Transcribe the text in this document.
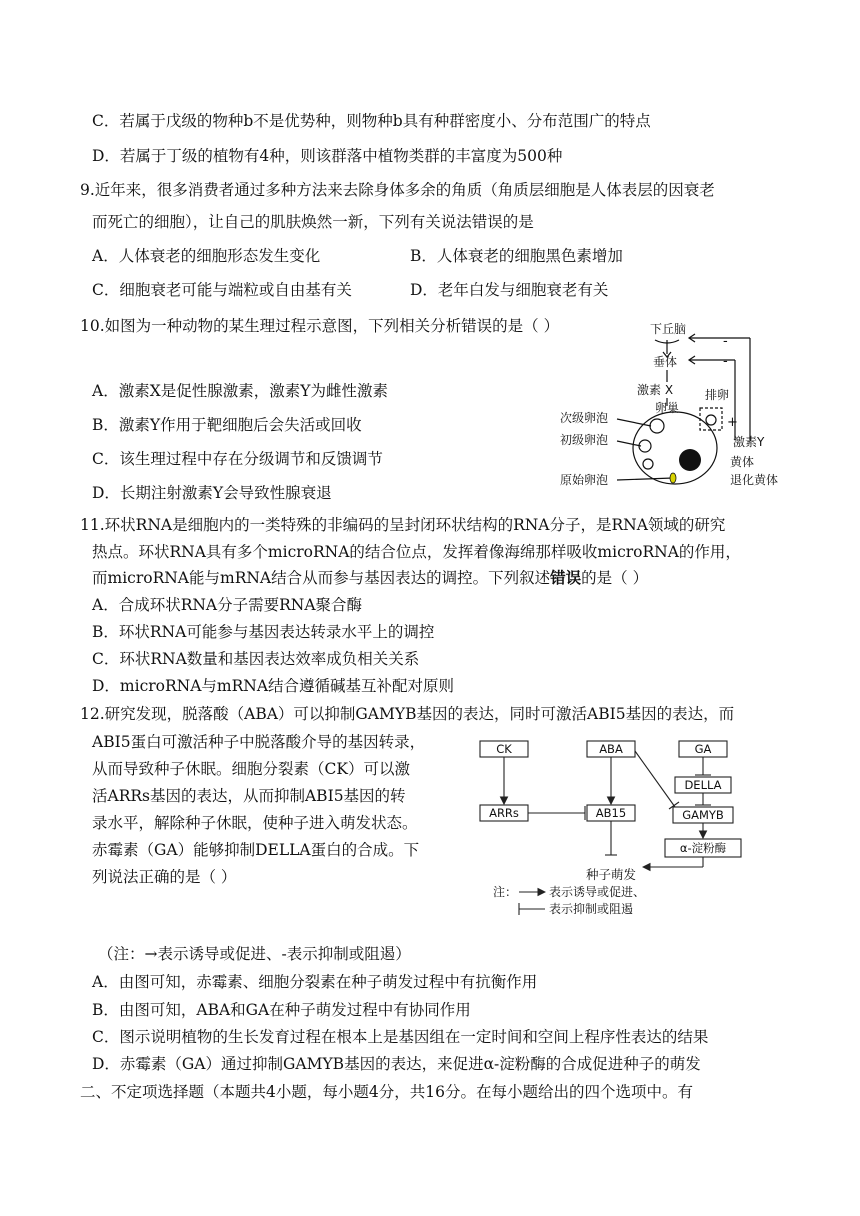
C．若属于戊级的物种b不是优势种，则物种b具有种群密度小、分布范围广的特点
D．若属于丁级的植物有4种，则该群落中植物类群的丰富度为500种
9.近年来，很多消费者通过多种方法来去除身体多余的角质（角质层细胞是人体表层的因衰老
而死亡的细胞），让自己的肌肤焕然一新，下列有关说法错误的是
A．人体衰老的细胞形态发生变化	B．人体衰老的细胞黑色素增加
C．细胞衰老可能与端粒或自由基有关	D．老年白发与细胞衰老有关
10.如图为一种动物的某生理过程示意图，下列相关分析错误的是（ ）
A．激素X是促性腺激素，激素Y为雌性激素
B．激素Y作用于靶细胞后会失活或回收
C．该生理过程中存在分级调节和反馈调节
D．长期注射激素Y会导致性腺衰退
下丘脑
垂体
激素 X
卵巢
排卵
次级卵泡
初级卵泡
原始卵泡
激素Y
黄体
退化黄体
-
-
+
11.环状RNA是细胞内的一类特殊的非编码的呈封闭环状结构的RNA分子，是RNA领域的研究
热点。环状RNA具有多个microRNA的结合位点，发挥着像海绵那样吸收microRNA的作用，
而microRNA能与mRNA结合从而参与基因表达的调控。下列叙述错误的是（ ）
A．合成环状RNA分子需要RNA聚合酶
B．环状RNA可能参与基因表达转录水平上的调控
C．环状RNA数量和基因表达效率成负相关关系
D．microRNA与mRNA结合遵循碱基互补配对原则
12.研究发现，脱落酸（ABA）可以抑制GAMYB基因的表达，同时可激活ABI5基因的表达，而
ABI5蛋白可激活种子中脱落酸介导的基因转录，
从而导致种子休眠。细胞分裂素（CK）可以激
活ARRs基因的表达，从而抑制ABI5基因的转
录水平，解除种子休眠，使种子进入萌发状态。
赤霉素（GA）能够抑制DELLA蛋白的合成。下
列说法正确的是（ ）
CK	ABA	GA
DELLA
ARRs	AB15	GAMYB
α-淀粉酶
种子萌发
注：	表示诱导或促进、
表示抑制或阻遏
（注：→表示诱导或促进、-表示抑制或阻遏）
A．由图可知，赤霉素、细胞分裂素在种子萌发过程中有抗衡作用
B．由图可知，ABA和GA在种子萌发过程中有协同作用
C．图示说明植物的生长发育过程在根本上是基因组在一定时间和空间上程序性表达的结果
D．赤霉素（GA）通过抑制GAMYB基因的表达，来促进α-淀粉酶的合成促进种子的萌发
二、不定项选择题（本题共4小题，每小题4分，共16分。在每小题给出的四个选项中。有
